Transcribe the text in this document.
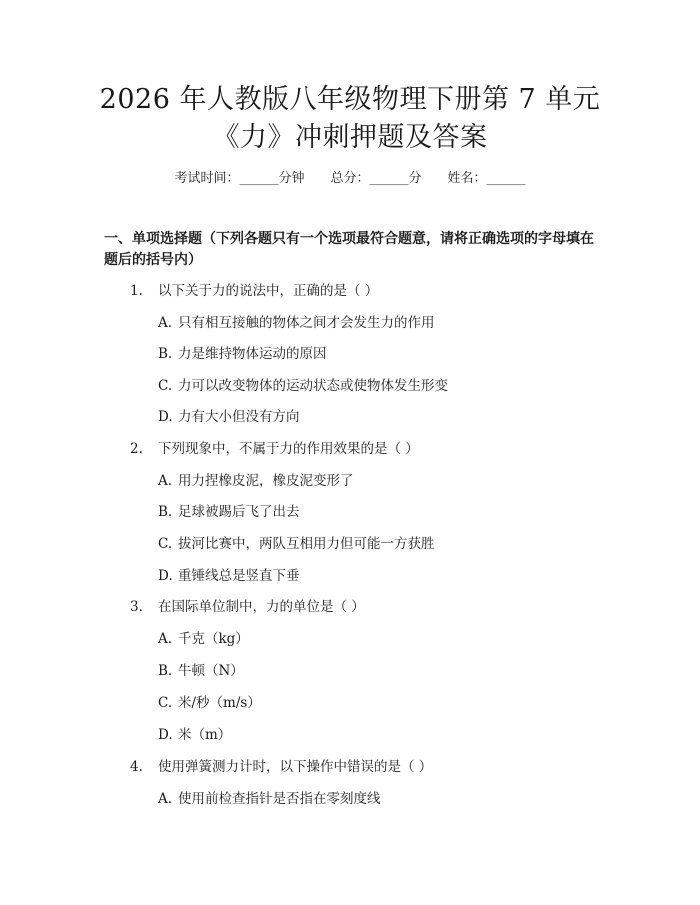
2026 年人教版八年级物理下册第 7 单元
《力》冲刺押题及答案
考试时间：______分钟 总分：______分 姓名：______

一、单项选择题（下列各题只有一个选项最符合题意，请将正确选项的字母填在题后的括号内）

1. 以下关于力的说法中，正确的是（ ）
A. 只有相互接触的物体之间才会发生力的作用
B. 力是维持物体运动的原因
C. 力可以改变物体的运动状态或使物体发生形变
D. 力有大小但没有方向
2. 下列现象中，不属于力的作用效果的是（ ）
A. 用力捏橡皮泥，橡皮泥变形了
B. 足球被踢后飞了出去
C. 拔河比赛中，两队互相用力但可能一方获胜
D. 重锤线总是竖直下垂
3. 在国际单位制中，力的单位是（ ）
A. 千克（kg）
B. 牛顿（N）
C. 米/秒（m/s）
D. 米（m）
4. 使用弹簧测力计时，以下操作中错误的是（ ）
A. 使用前检查指针是否指在零刻度线
